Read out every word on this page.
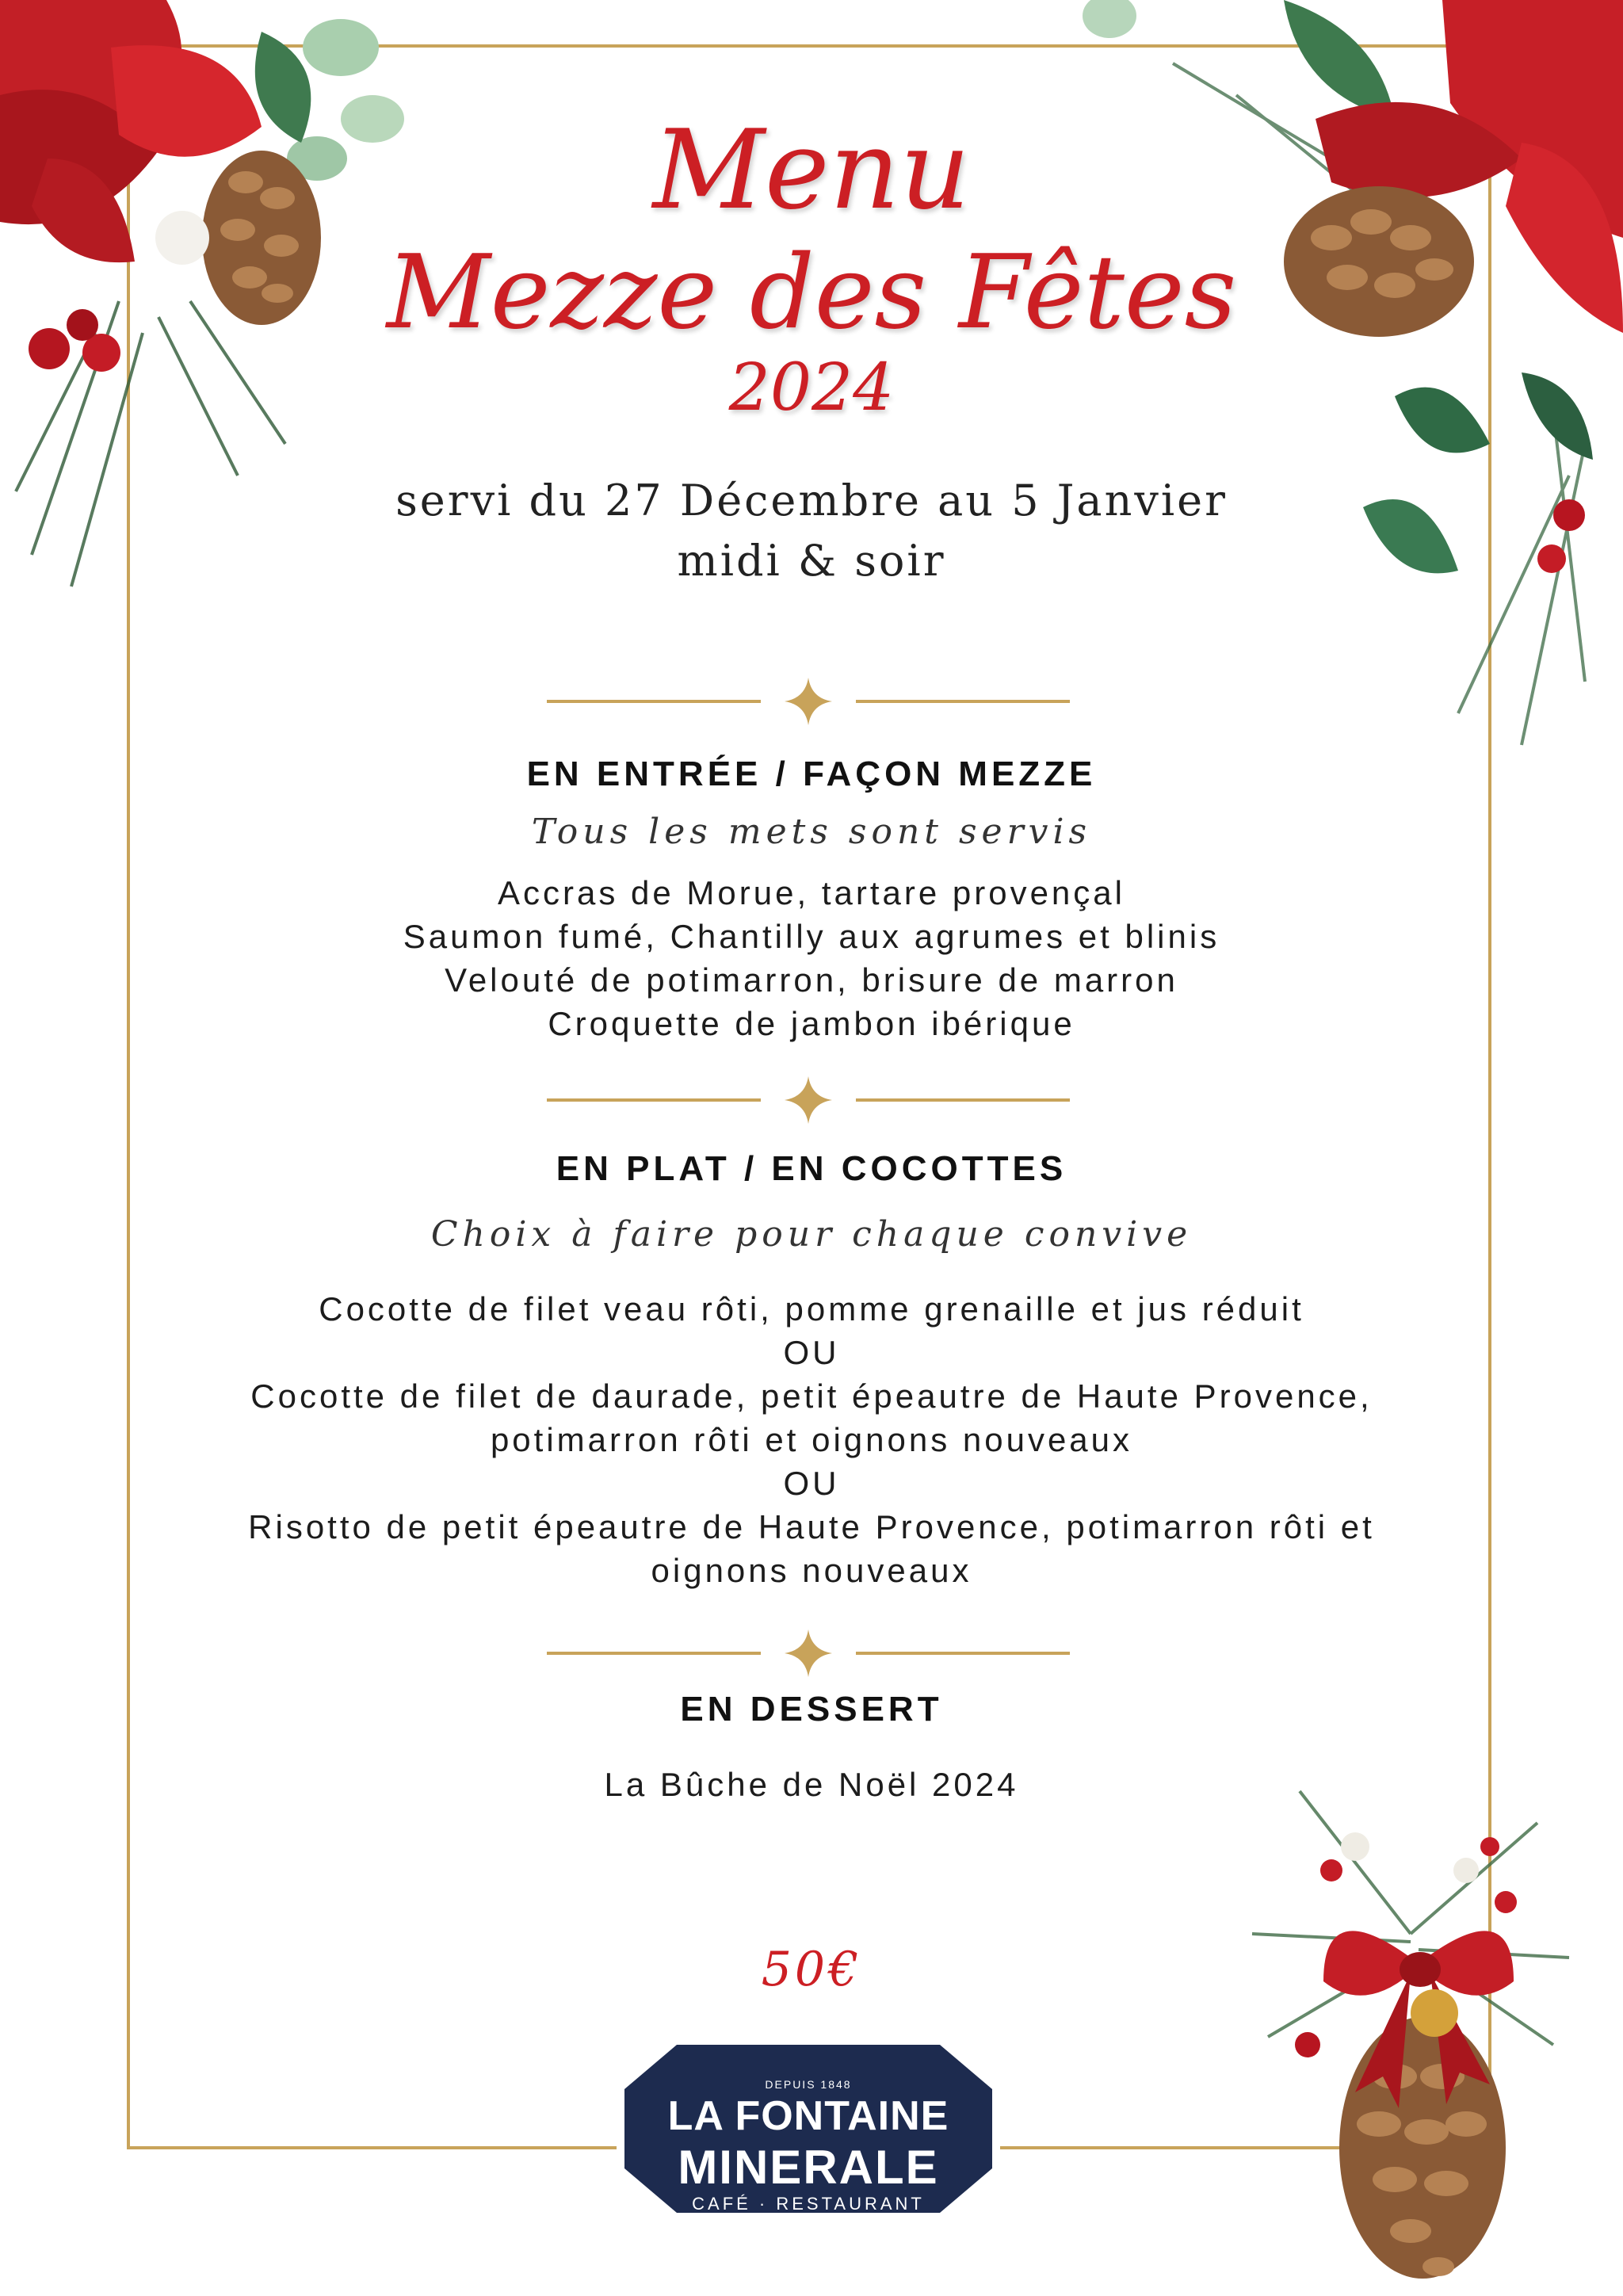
Menu
Mezze des Fêtes
2024
servi du 27 Décembre au 5 Janvier
midi & soir
EN ENTRÉE / FAÇON MEZZE
Tous les mets sont servis
Accras de Morue, tartare provençal
Saumon fumé, Chantilly aux agrumes et blinis
Velouté de potimarron, brisure de marron
Croquette de jambon ibérique
EN PLAT / EN COCOTTES
Choix à faire pour chaque convive
Cocotte de filet veau rôti, pomme grenaille et jus réduit
OU
Cocotte de filet de daurade, petit épeautre de Haute Provence,
potimarron rôti et oignons nouveaux
OU
Risotto de petit épeautre de Haute Provence, potimarron rôti et
oignons nouveaux
EN DESSERT
La Bûche de Noël 2024
50€
DEPUIS 1848
LA FONTAINE
MINERALE
CAFÉ · RESTAURANT
